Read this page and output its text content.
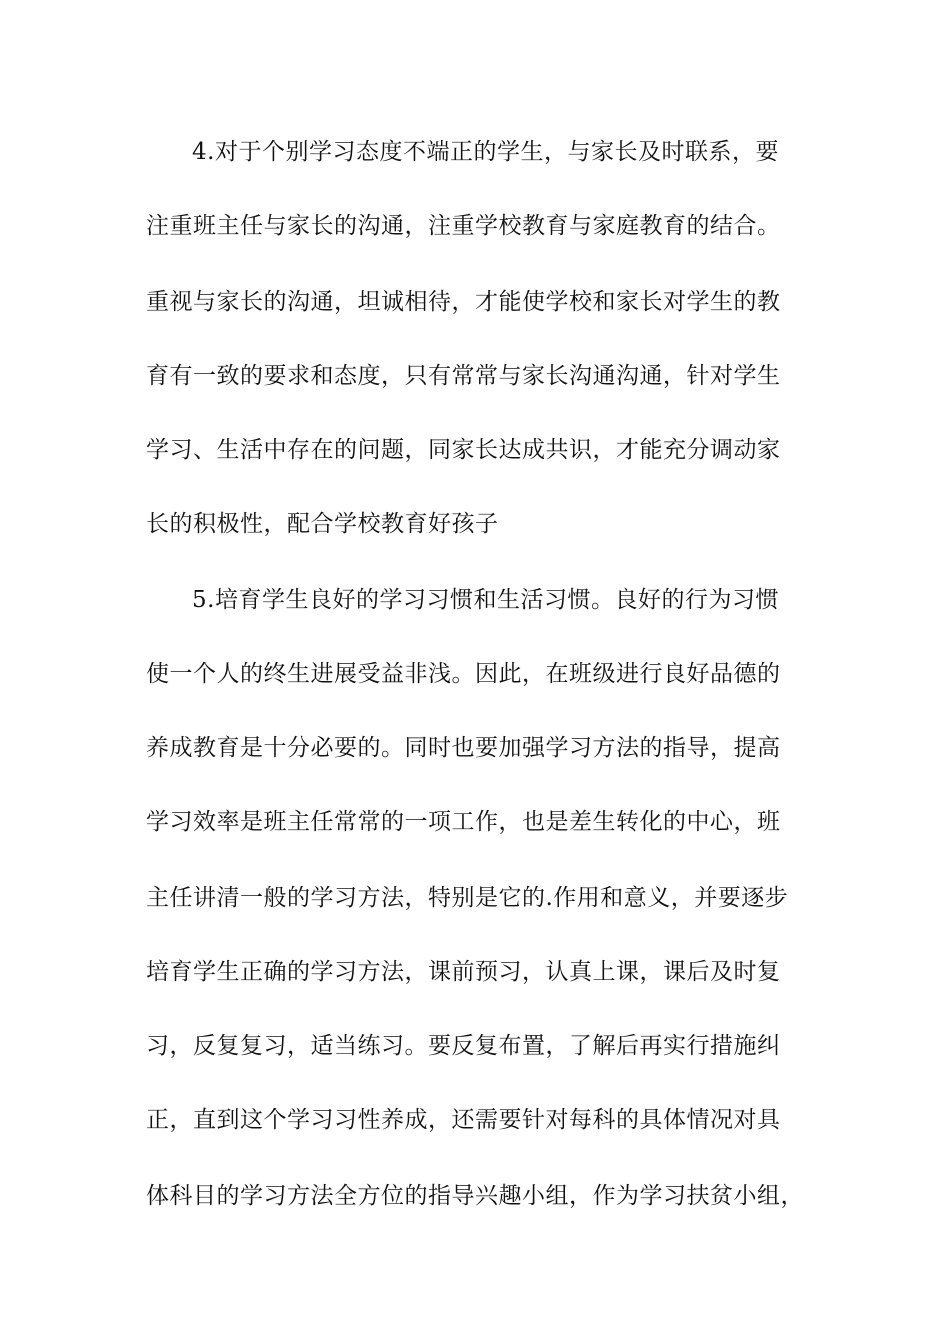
4.对于个别学习态度不端正的学生，与家长及时联系，要
注重班主任与家长的沟通，注重学校教育与家庭教育的结合。
重视与家长的沟通，坦诚相待，才能使学校和家长对学生的教
育有一致的要求和态度，只有常常与家长沟通沟通，针对学生
学习、生活中存在的问题，同家长达成共识，才能充分调动家
长的积极性，配合学校教育好孩子
5.培育学生良好的学习习惯和生活习惯。良好的行为习惯
使一个人的终生进展受益非浅。因此，在班级进行良好品德的
养成教育是十分必要的。同时也要加强学习方法的指导，提高
学习效率是班主任常常的一项工作，也是差生转化的中心，班
主任讲清一般的学习方法，特别是它的.作用和意义，并要逐步
培育学生正确的学习方法，课前预习，认真上课，课后及时复
习，反复复习，适当练习。要反复布置，了解后再实行措施纠
正，直到这个学习习性养成，还需要针对每科的具体情况对具
体科目的学习方法全方位的指导兴趣小组，作为学习扶贫小组，
